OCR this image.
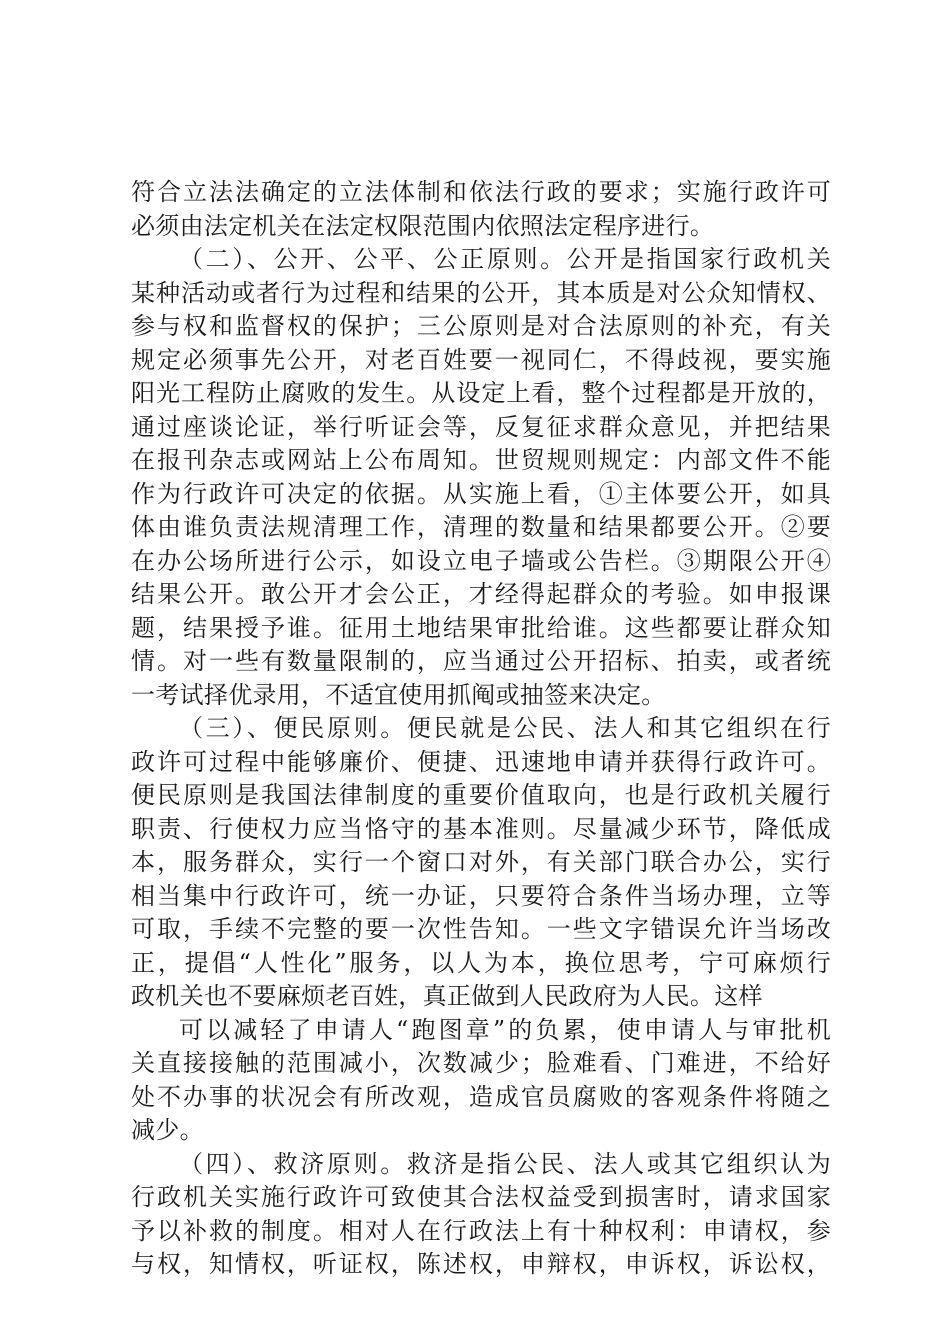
符合立法法确定的立法体制和依法行政的要求；实施行政许可
必须由法定机关在法定权限范围内依照法定程序进行。
（二）、公开、公平、公正原则。公开是指国家行政机关
某种活动或者行为过程和结果的公开，其本质是对公众知情权、
参与权和监督权的保护；三公原则是对合法原则的补充，有关
规定必须事先公开，对老百姓要一视同仁，不得歧视，要实施
阳光工程防止腐败的发生。从设定上看，整个过程都是开放的，
通过座谈论证，举行听证会等，反复征求群众意见，并把结果
在报刊杂志或网站上公布周知。世贸规则规定：内部文件不能
作为行政许可决定的依据。从实施上看，①主体要公开，如具
体由谁负责法规清理工作，清理的数量和结果都要公开。②要
在办公场所进行公示，如设立电子墙或公告栏。③期限公开④
结果公开。敢公开才会公正，才经得起群众的考验。如申报课
题，结果授予谁。征用土地结果审批给谁。这些都要让群众知
情。对一些有数量限制的，应当通过公开招标、拍卖，或者统
一考试择优录用，不适宜使用抓阄或抽签来决定。
（三）、便民原则。便民就是公民、法人和其它组织在行
政许可过程中能够廉价、便捷、迅速地申请并获得行政许可。
便民原则是我国法律制度的重要价值取向，也是行政机关履行
职责、行使权力应当恪守的基本准则。尽量减少环节，降低成
本，服务群众，实行一个窗口对外，有关部门联合办公，实行
相当集中行政许可，统一办证，只要符合条件当场办理，立等
可取，手续不完整的要一次性告知。一些文字错误允许当场改
正，提倡“人性化”服务，以人为本，换位思考，宁可麻烦行
政机关也不要麻烦老百姓，真正做到人民政府为人民。这样
可以减轻了申请人“跑图章”的负累，使申请人与审批机
关直接接触的范围减小，次数减少；脸难看、门难进，不给好
处不办事的状况会有所改观，造成官员腐败的客观条件将随之
减少。
（四）、救济原则。救济是指公民、法人或其它组织认为
行政机关实施行政许可致使其合法权益受到损害时，请求国家
予以补救的制度。相对人在行政法上有十种权利：申请权，参
与权，知情权，听证权，陈述权，申辩权，申诉权，诉讼权，
